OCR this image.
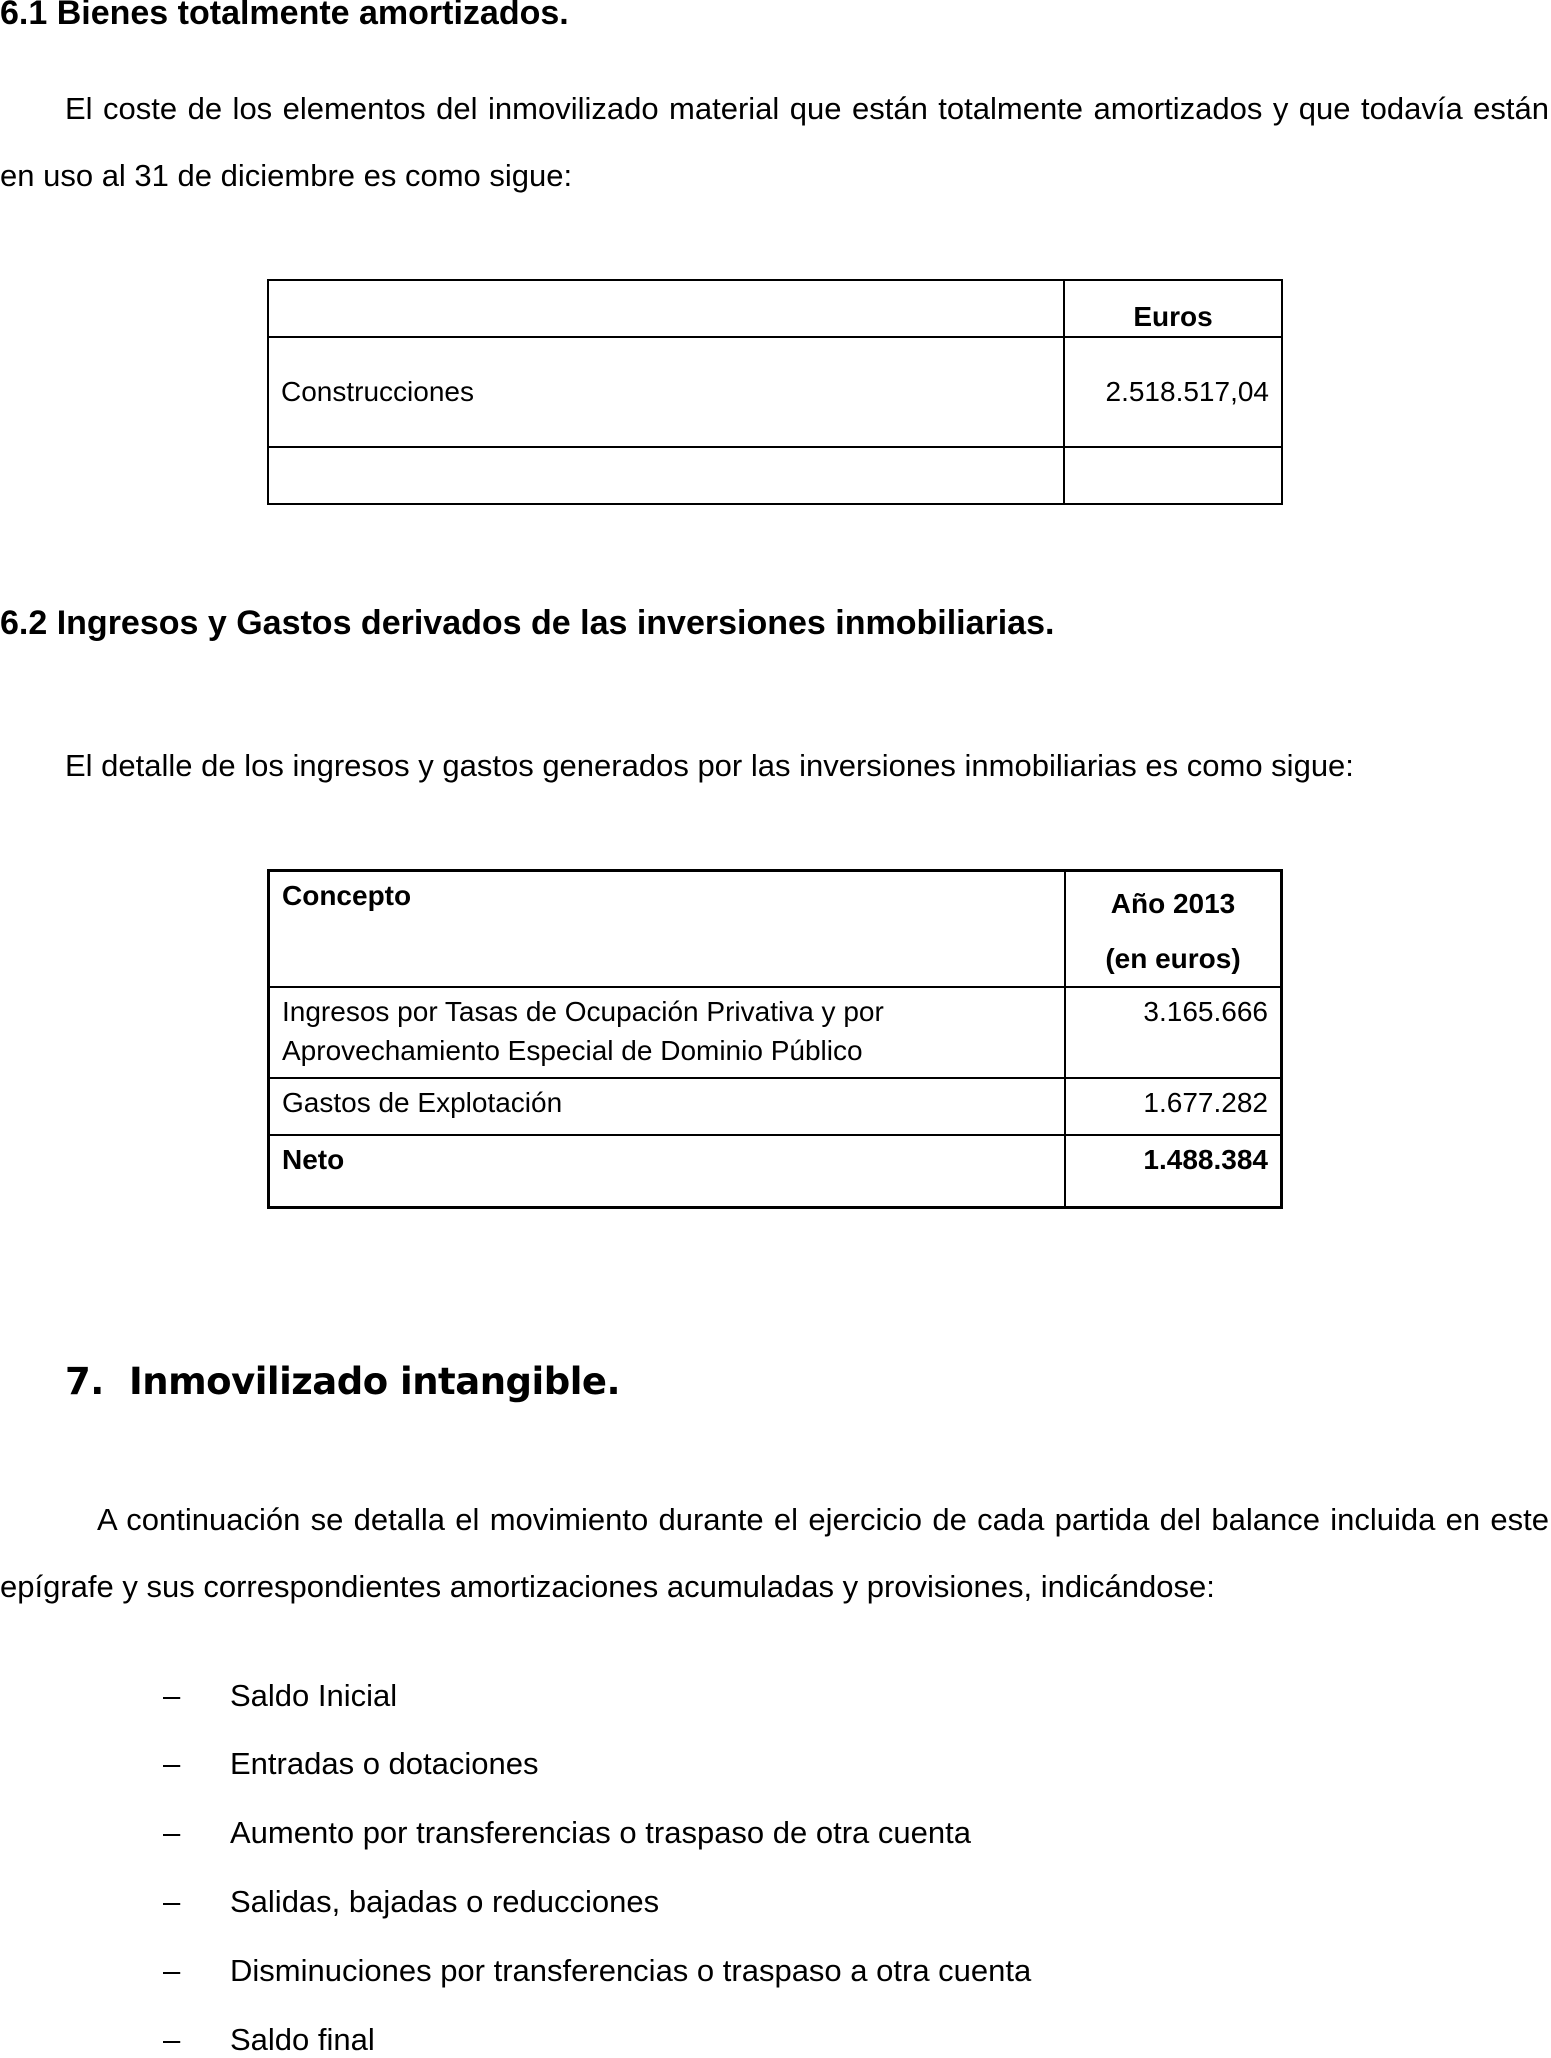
6.1 Bienes totalmente amortizados.

El coste de los elementos del inmovilizado material que están totalmente amortizados y que todavía están en uso al 31 de diciembre es como sigue:

	Euros
Construcciones	2.518.517,04

6.2 Ingresos y Gastos derivados de las inversiones inmobiliarias.

El detalle de los ingresos y gastos generados por las inversiones inmobiliarias es como sigue:

Concepto	Año 2013
(en euros)

Ingresos por Tasas de Ocupación Privativa y por
Aprovechamiento Especial de Dominio Público	3.165.666
Gastos de Explotación	1.677.282
Neto	1.488.384
7. Inmovilizado intangible.

A continuación se detalla el movimiento durante el ejercicio de cada partida del balance incluida en este epígrafe y sus correspondientes amortizaciones acumuladas y provisiones, indicándose:

– Saldo Inicial
– Entradas o dotaciones
– Aumento por transferencias o traspaso de otra cuenta
– Salidas, bajadas o reducciones
– Disminuciones por transferencias o traspaso a otra cuenta
– Saldo final
